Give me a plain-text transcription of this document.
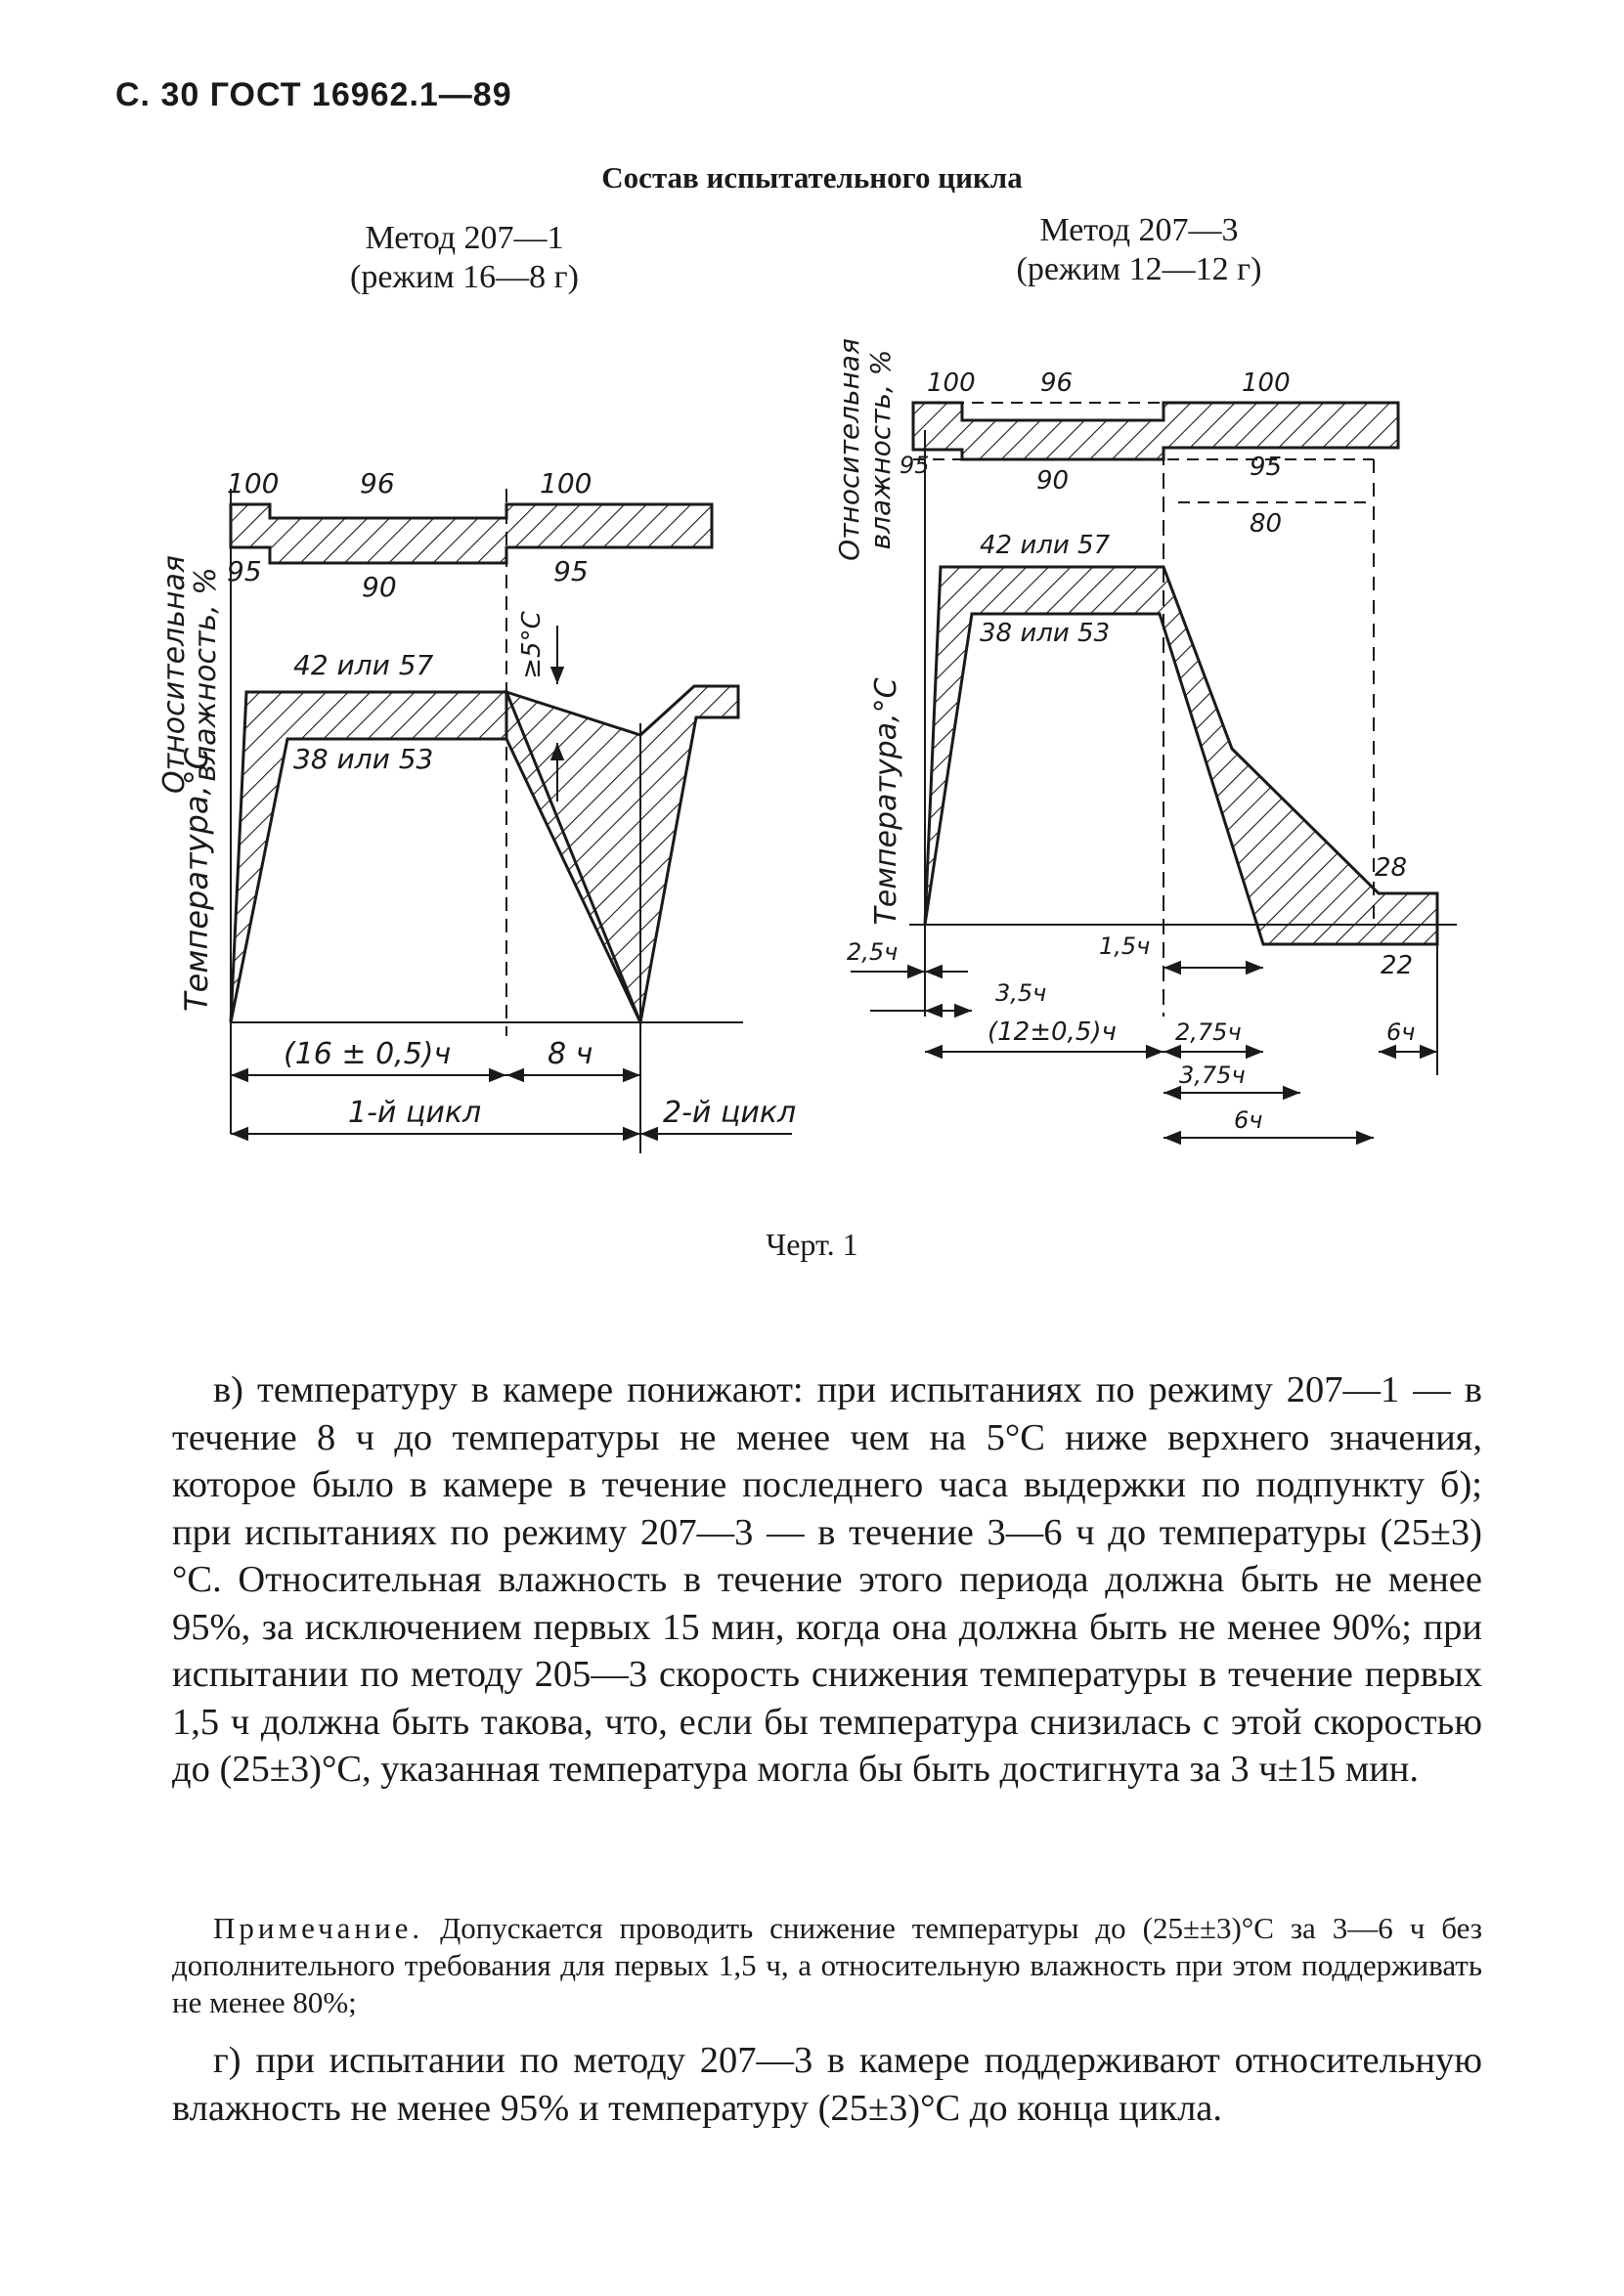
С. 30 ГОСТ 16962.1—89
Состав испытательного цикла
Метод 207—1
(режим 16—8 г)
Метод 207—3
(режим 12—12 г)
Относительная
влажность, %
Температура,°С
100	96	100
95	90	95
42 или 57
38 или 53
≥5°С
(16 ± 0,5)ч	8 ч
1-й цикл	2-й цикл
Относительная влажность, %
Температура,°С
100	96	100
95
90	95
80
42 или 57
38 или 53
28
22
2,5ч	1,5ч
3,5ч
(12±0,5)ч	2,75ч
3,75ч
6ч
6ч
Черт. 1

в) температуру в камере понижают: при испытаниях по режиму 207—1 — в течение 8 ч до температуры не менее чем на 5°С ниже верхнего значения, которое было в камере в течение последнего часа выдержки по подпункту б); при испытаниях по режиму 207—3 — в течение 3—6 ч до температуры (25±3)°С. Относительная влажность в течение этого периода должна быть не менее 95%, за исключением первых 15 мин, когда она должна быть не менее 90%; при испытании по методу 205—3 скорость снижения температуры в течение первых 1,5 ч должна быть такова, что, если бы температура снизилась с этой скоростью до (25±3)°С, указанная температура могла бы быть достигнута за 3 ч±15 мин.

Примечание. Допускается проводить снижение температуры до (25±±3)°С за 3—6 ч без дополнительного требования для первых 1,5 ч, а относительную влажность при этом поддерживать не менее 80%;

г) при испытании по методу 207—3 в камере поддерживают относительную влажность не менее 95% и температуру (25±3)°С до конца цикла.
